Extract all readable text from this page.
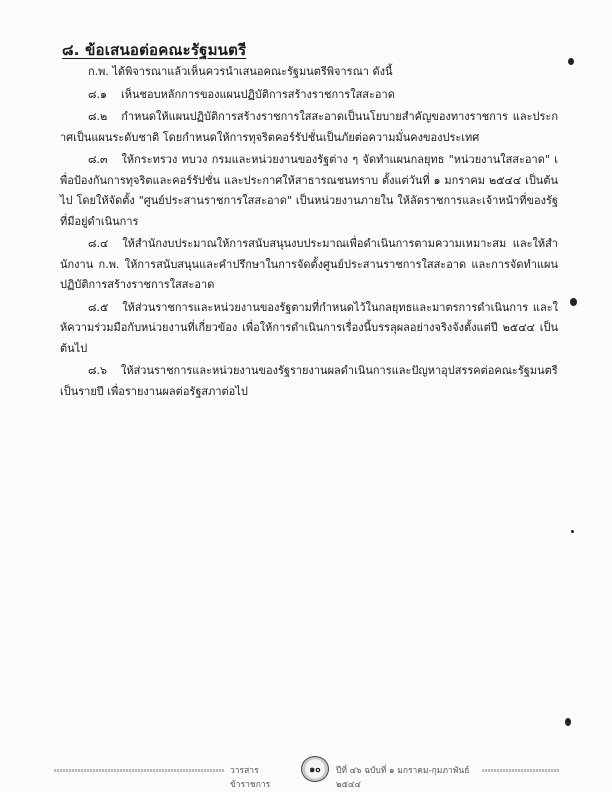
๘. ข้อเสนอต่อคณะรัฐมนตรี

ก.พ. ได้พิจารณาแล้วเห็นควรนำเสนอคณะรัฐมนตรีพิจารณา ดังนี้

๘.๑ เห็นชอบหลักการของแผนปฏิบัติการสร้างราชการใสสะอาด

๘.๒ กำหนดให้แผนปฏิบัติการสร้างราชการใสสะอาดเป็นนโยบายสำคัญของทางราชการ และประกาศเป็นแผนระดับชาติ โดยกำหนดให้การทุจริตคอร์รัปชั่นเป็นภัยต่อความมั่นคงของประเทศ

๘.๓ ให้กระทรวง ทบวง กรมและหน่วยงานของรัฐต่าง ๆ จัดทำแผนกลยุทธ "หน่วยงานใสสะอาด" เพื่อป้องกันการทุจริตและคอร์รัปชั่น และประกาศให้สาธารณชนทราบ ตั้งแต่วันที่ ๑ มกราคม ๒๕๔๔ เป็นต้นไป โดยให้จัดตั้ง "ศูนย์ประสานราชการใสสะอาด" เป็นหน่วยงานภายใน ให้ลัดราชการและเจ้าหน้าที่ของรัฐที่มีอยู่ดำเนินการ

๘.๔ ให้สำนักงบประมาณให้การสนับสนุนงบประมาณเพื่อดำเนินการตามความเหมาะสม และให้สำนักงาน ก.พ. ให้การสนับสนุนและคำปรึกษาในการจัดตั้งศูนย์ประสานราชการใสสะอาด และการจัดทำแผนปฏิบัติการสร้างราชการใสสะอาด

๘.๕ ให้ส่วนราชการและหน่วยงานของรัฐตามที่กำหนดไว้ในกลยุทธและมาตรการดำเนินการ และให้ความร่วมมือกับหน่วยงานที่เกี่ยวข้อง เพื่อให้การดำเนินการเรื่องนี้บรรลุผลอย่างจริงจังตั้งแต่ปี ๒๕๔๔ เป็นต้นไป

๘.๖ ให้ส่วนราชการและหน่วยงานของรัฐรายงานผลดำเนินการและปัญหาอุปสรรคต่อคณะรัฐมนตรีเป็นรายปี เพื่อรายงานผลต่อรัฐสภาต่อไป

วารสารข้าราชการ
๑๐ ปีที่ ๔๖ ฉบับที่ ๑ มกราคม-กุมภาพันธ์ ๒๕๔๔
